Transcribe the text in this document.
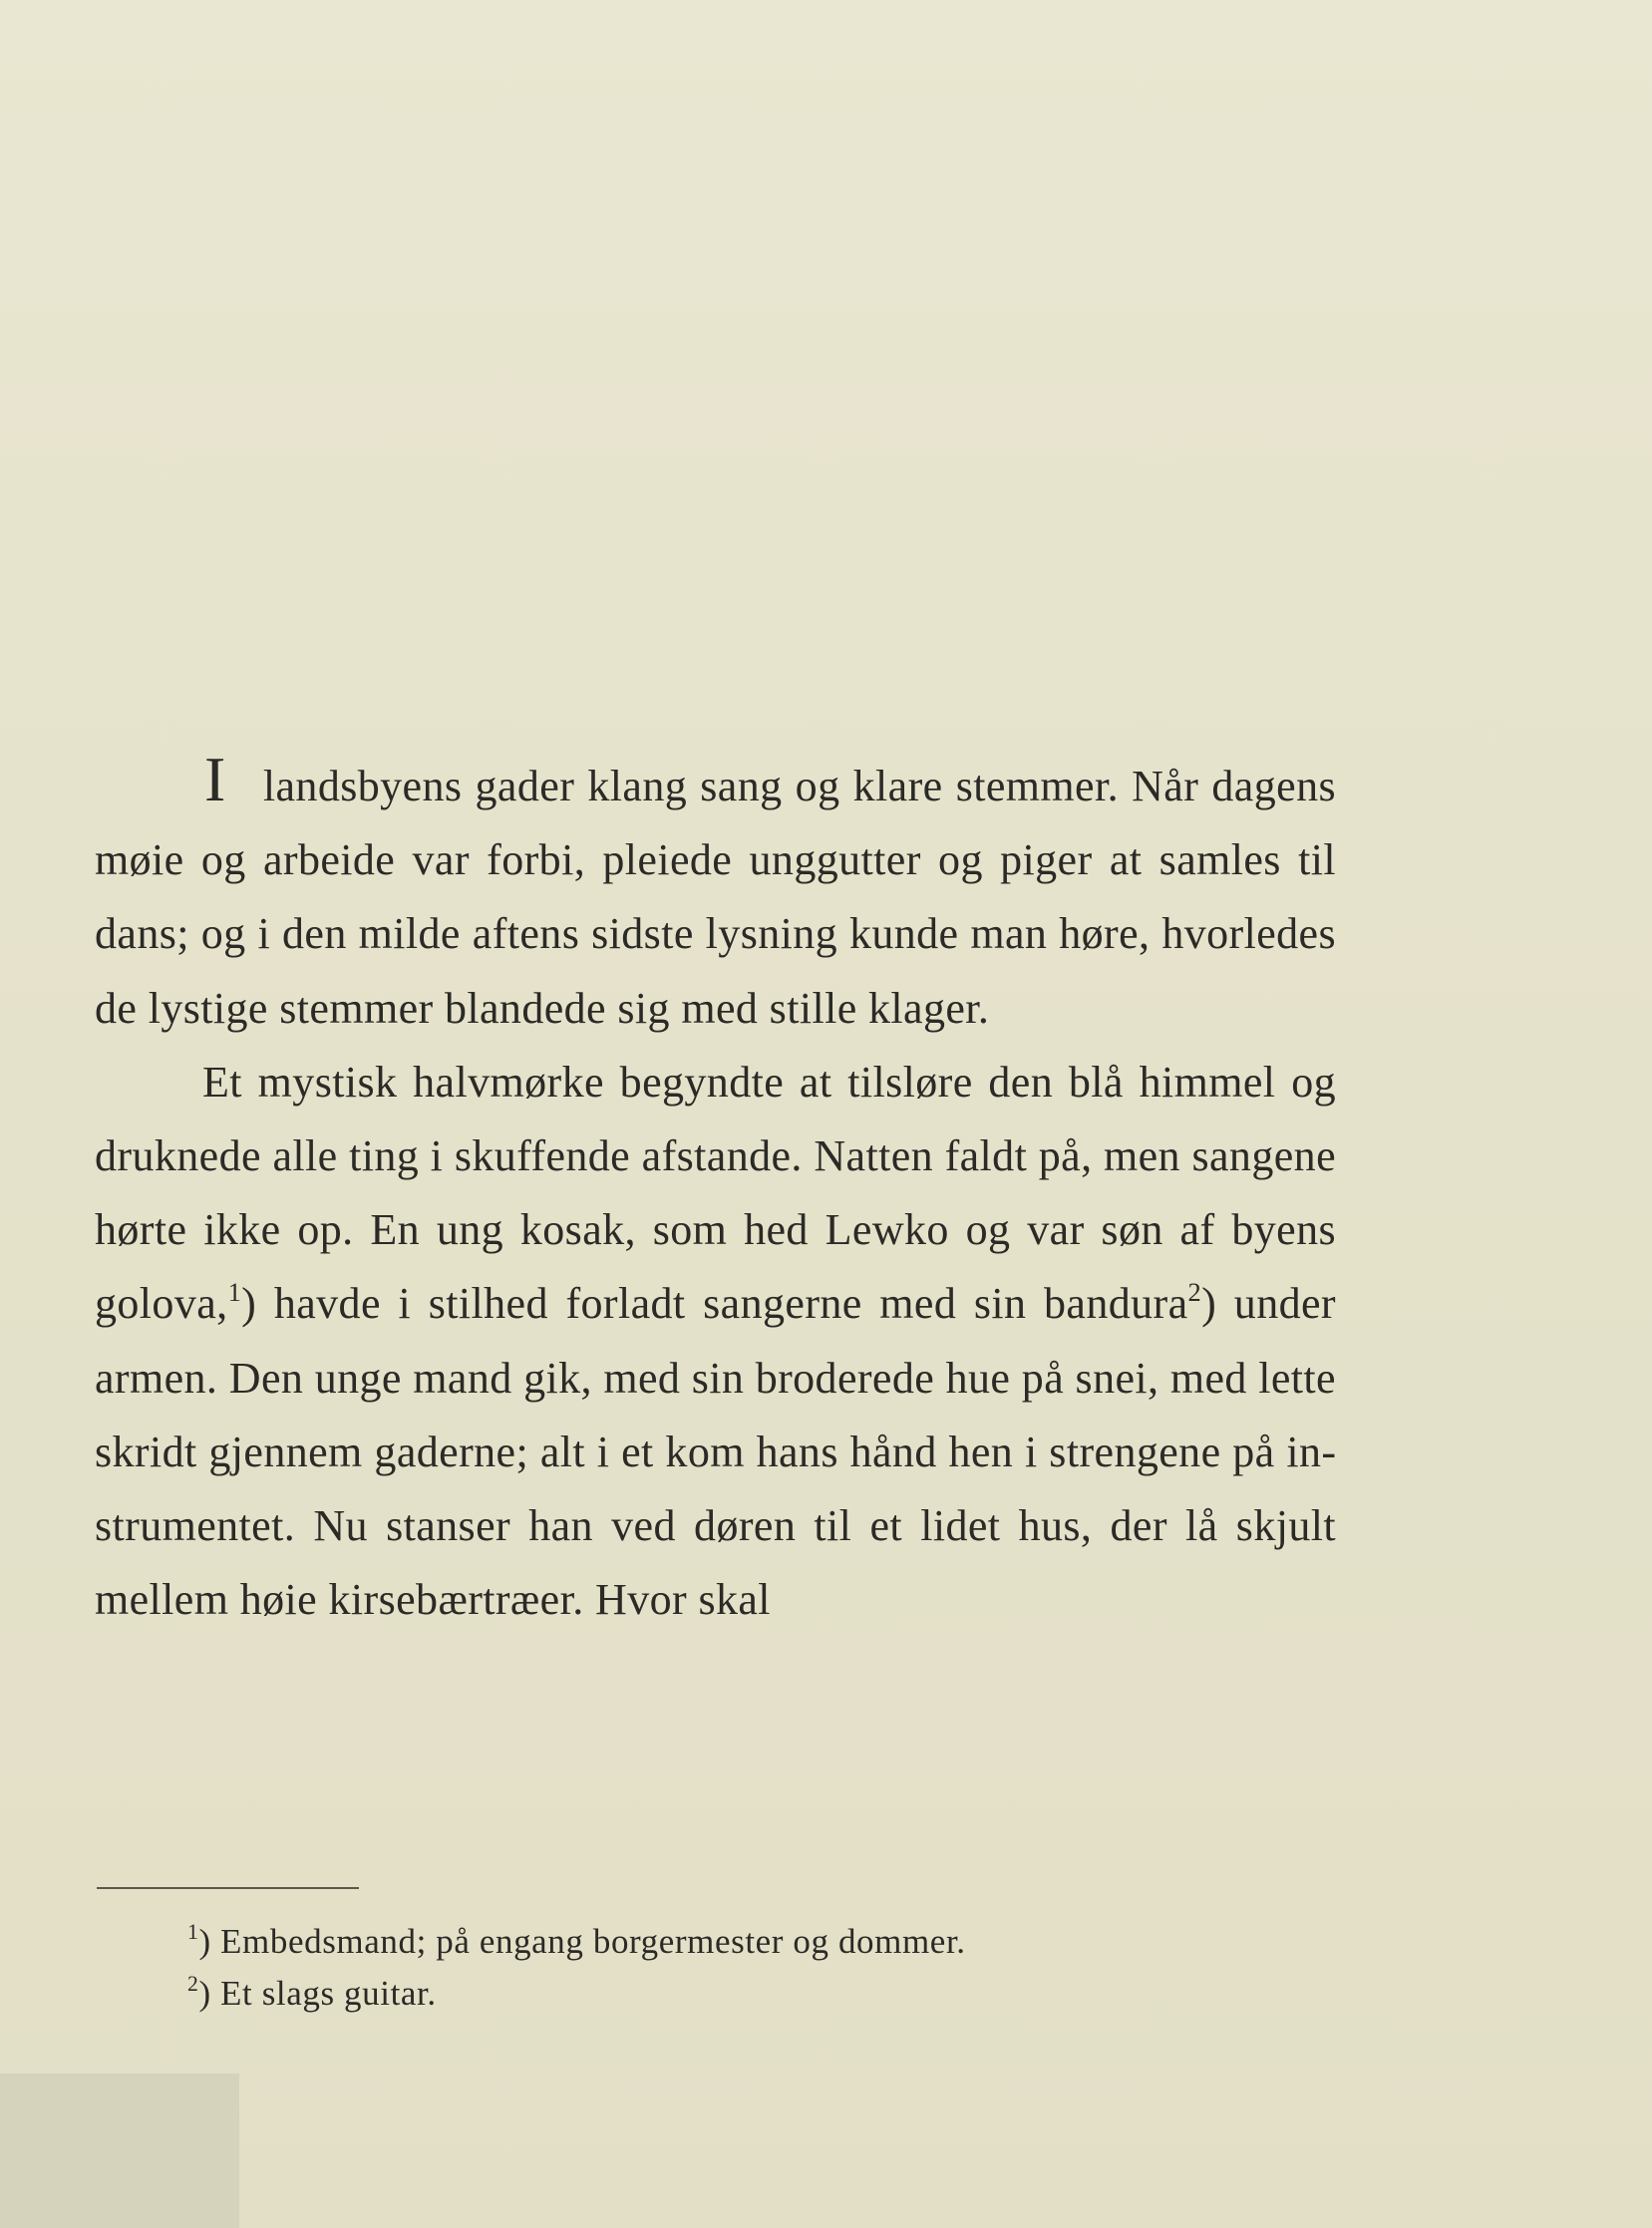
I landsbyens gader klang sang og klare stemmer. Når dagens møie og arbeide var forbi, pleiede unggutter og piger at samles til dans; og i den milde aftens sidste lysning kunde man høre, hvorledes de lystige stemmer blandede sig med stille klager.

Et mystisk halvmørke begyndte at tilsløre den blå himmel og druknede alle ting i skuffende afstande. Natten faldt på, men sangene hørte ikke op. En ung kosak, som hed Lewko og var søn af byens golova,$^1$) havde i stilhed forladt sangerne med sin bandura$^2$) under armen. Den unge mand gik, med sin broderede hue på snei, med lette skridt gjennem gaderne; alt i et kom hans hånd hen i strengene på instrumentet. Nu stanser han ved døren til et lidet hus, der lå skjult mellem høie kirsebærtræer. Hvor skal

$^1$) Embedsmand; på engang borgermester og dommer.
$^2$) Et slags guitar.
